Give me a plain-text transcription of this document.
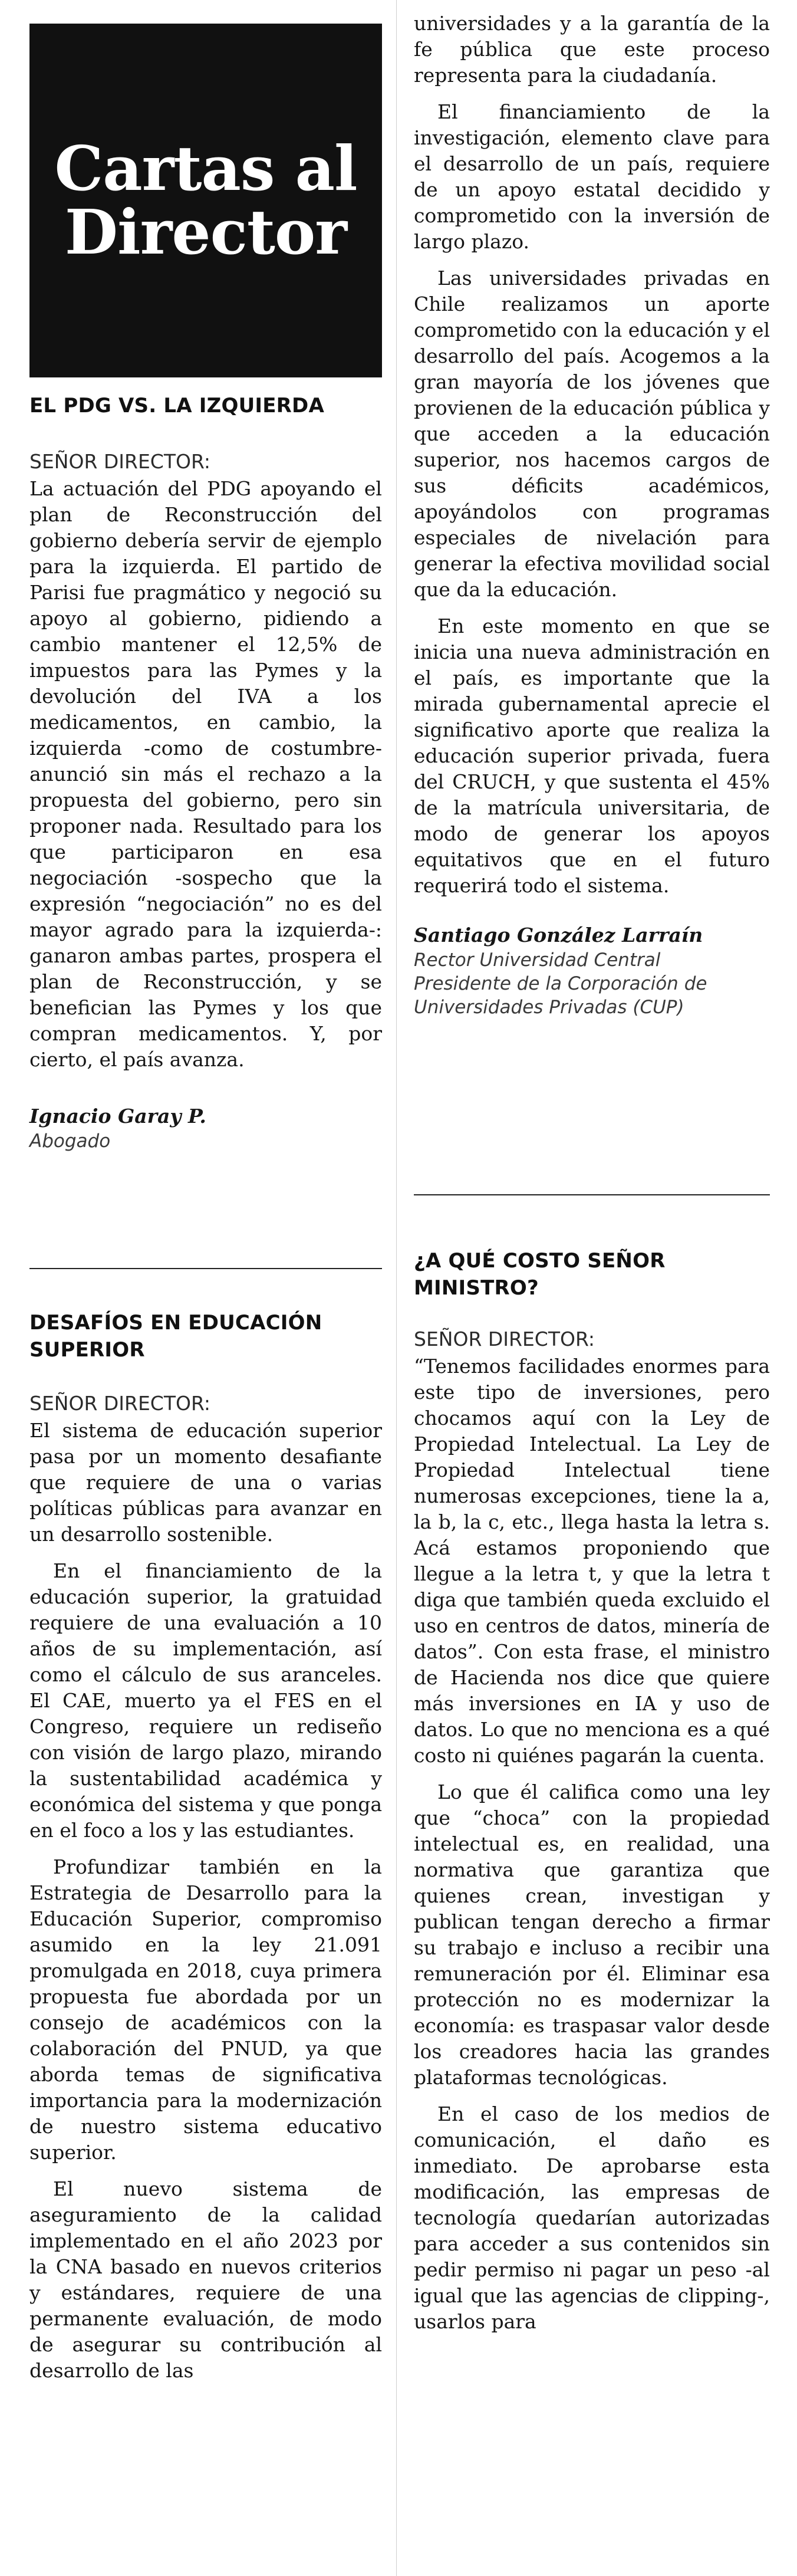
Cartas al
Director
EL PDG VS. LA IZQUIERDA

SEÑOR DIRECTOR:

La actuación del PDG apoyando el plan de Reconstrucción del gobierno debería servir de ejemplo para la izquierda. El partido de Parisi fue pragmático y negoció su apoyo al gobierno, pidiendo a cambio mantener el 12,5% de impuestos para las Pymes y la devolución del IVA a los medicamentos, en cambio, la izquierda -como de costumbre- anunció sin más el rechazo a la propuesta del gobierno, pero sin proponer nada. Resultado para los que participaron en esa negociación -sospecho que la expresión “negociación” no es del mayor agrado para la izquierda-: ganaron ambas partes, prospera el plan de Reconstrucción, y se benefician las Pymes y los que compran medicamentos. Y, por cierto, el país avanza.

Ignacio Garay P.

Abogado

DESAFÍOS EN EDUCACIÓN SUPERIOR

SEÑOR DIRECTOR:

El sistema de educación superior pasa por un momento desafiante que requiere de una o varias políticas públicas para avanzar en un desarrollo sostenible.

En el financiamiento de la educación superior, la gratuidad requiere de una evaluación a 10 años de su implementación, así como el cálculo de sus aranceles. El CAE, muerto ya el FES en el Congreso, requiere un rediseño con visión de largo plazo, mirando la sustentabilidad académica y económica del sistema y que ponga en el foco a los y las estudiantes.

Profundizar también en la Estrategia de Desarrollo para la Educación Superior, compromiso asumido en la ley 21.091 promulgada en 2018, cuya primera propuesta fue abordada por un consejo de académicos con la colaboración del PNUD, ya que aborda temas de significativa importancia para la modernización de nuestro sistema educativo superior.

El nuevo sistema de aseguramiento de la calidad implementado en el año 2023 por la CNA basado en nuevos criterios y estándares, requiere de una permanente evaluación, de modo de asegurar su contribución al desarrollo de las

universidades y a la garantía de la fe pública que este proceso representa para la ciudadanía.

El financiamiento de la investigación, elemento clave para el desarrollo de un país, requiere de un apoyo estatal decidido y comprometido con la inversión de largo plazo.

Las universidades privadas en Chile realizamos un aporte comprometido con la educación y el desarrollo del país. Acogemos a la gran mayoría de los jóvenes que provienen de la educación pública y que acceden a la educación superior, nos hacemos cargos de sus déficits académicos, apoyándolos con programas especiales de nivelación para generar la efectiva movilidad social que da la educación.

En este momento en que se inicia una nueva administración en el país, es importante que la mirada gubernamental aprecie el significativo aporte que realiza la educación superior privada, fuera del CRUCH, y que sustenta el 45% de la matrícula universitaria, de modo de generar los apoyos equitativos que en el futuro requerirá todo el sistema.

Santiago González Larraín

Rector Universidad Central

Presidente de la Corporación de

Universidades Privadas (CUP)

¿A QUÉ COSTO SEÑOR MINISTRO?

SEÑOR DIRECTOR:

“Tenemos facilidades enormes para este tipo de inversiones, pero chocamos aquí con la Ley de Propiedad Intelectual. La Ley de Propiedad Intelectual tiene numerosas excepciones, tiene la a, la b, la c, etc., llega hasta la letra s. Acá estamos proponiendo que llegue a la letra t, y que la letra t diga que también queda excluido el uso en centros de datos, minería de datos”. Con esta frase, el ministro de Hacienda nos dice que quiere más inversiones en IA y uso de datos. Lo que no menciona es a qué costo ni quiénes pagarán la cuenta.

Lo que él califica como una ley que “choca” con la propiedad intelectual es, en realidad, una normativa que garantiza que quienes crean, investigan y publican tengan derecho a firmar su trabajo e incluso a recibir una remuneración por él. Eliminar esa protección no es modernizar la economía: es traspasar valor desde los creadores hacia las grandes plataformas tecnológicas.

En el caso de los medios de comunicación, el daño es inmediato. De aprobarse esta modificación, las empresas de tecnología quedarían autorizadas para acceder a sus contenidos sin pedir permiso ni pagar un peso -al igual que las agencias de clipping-, usarlos para
